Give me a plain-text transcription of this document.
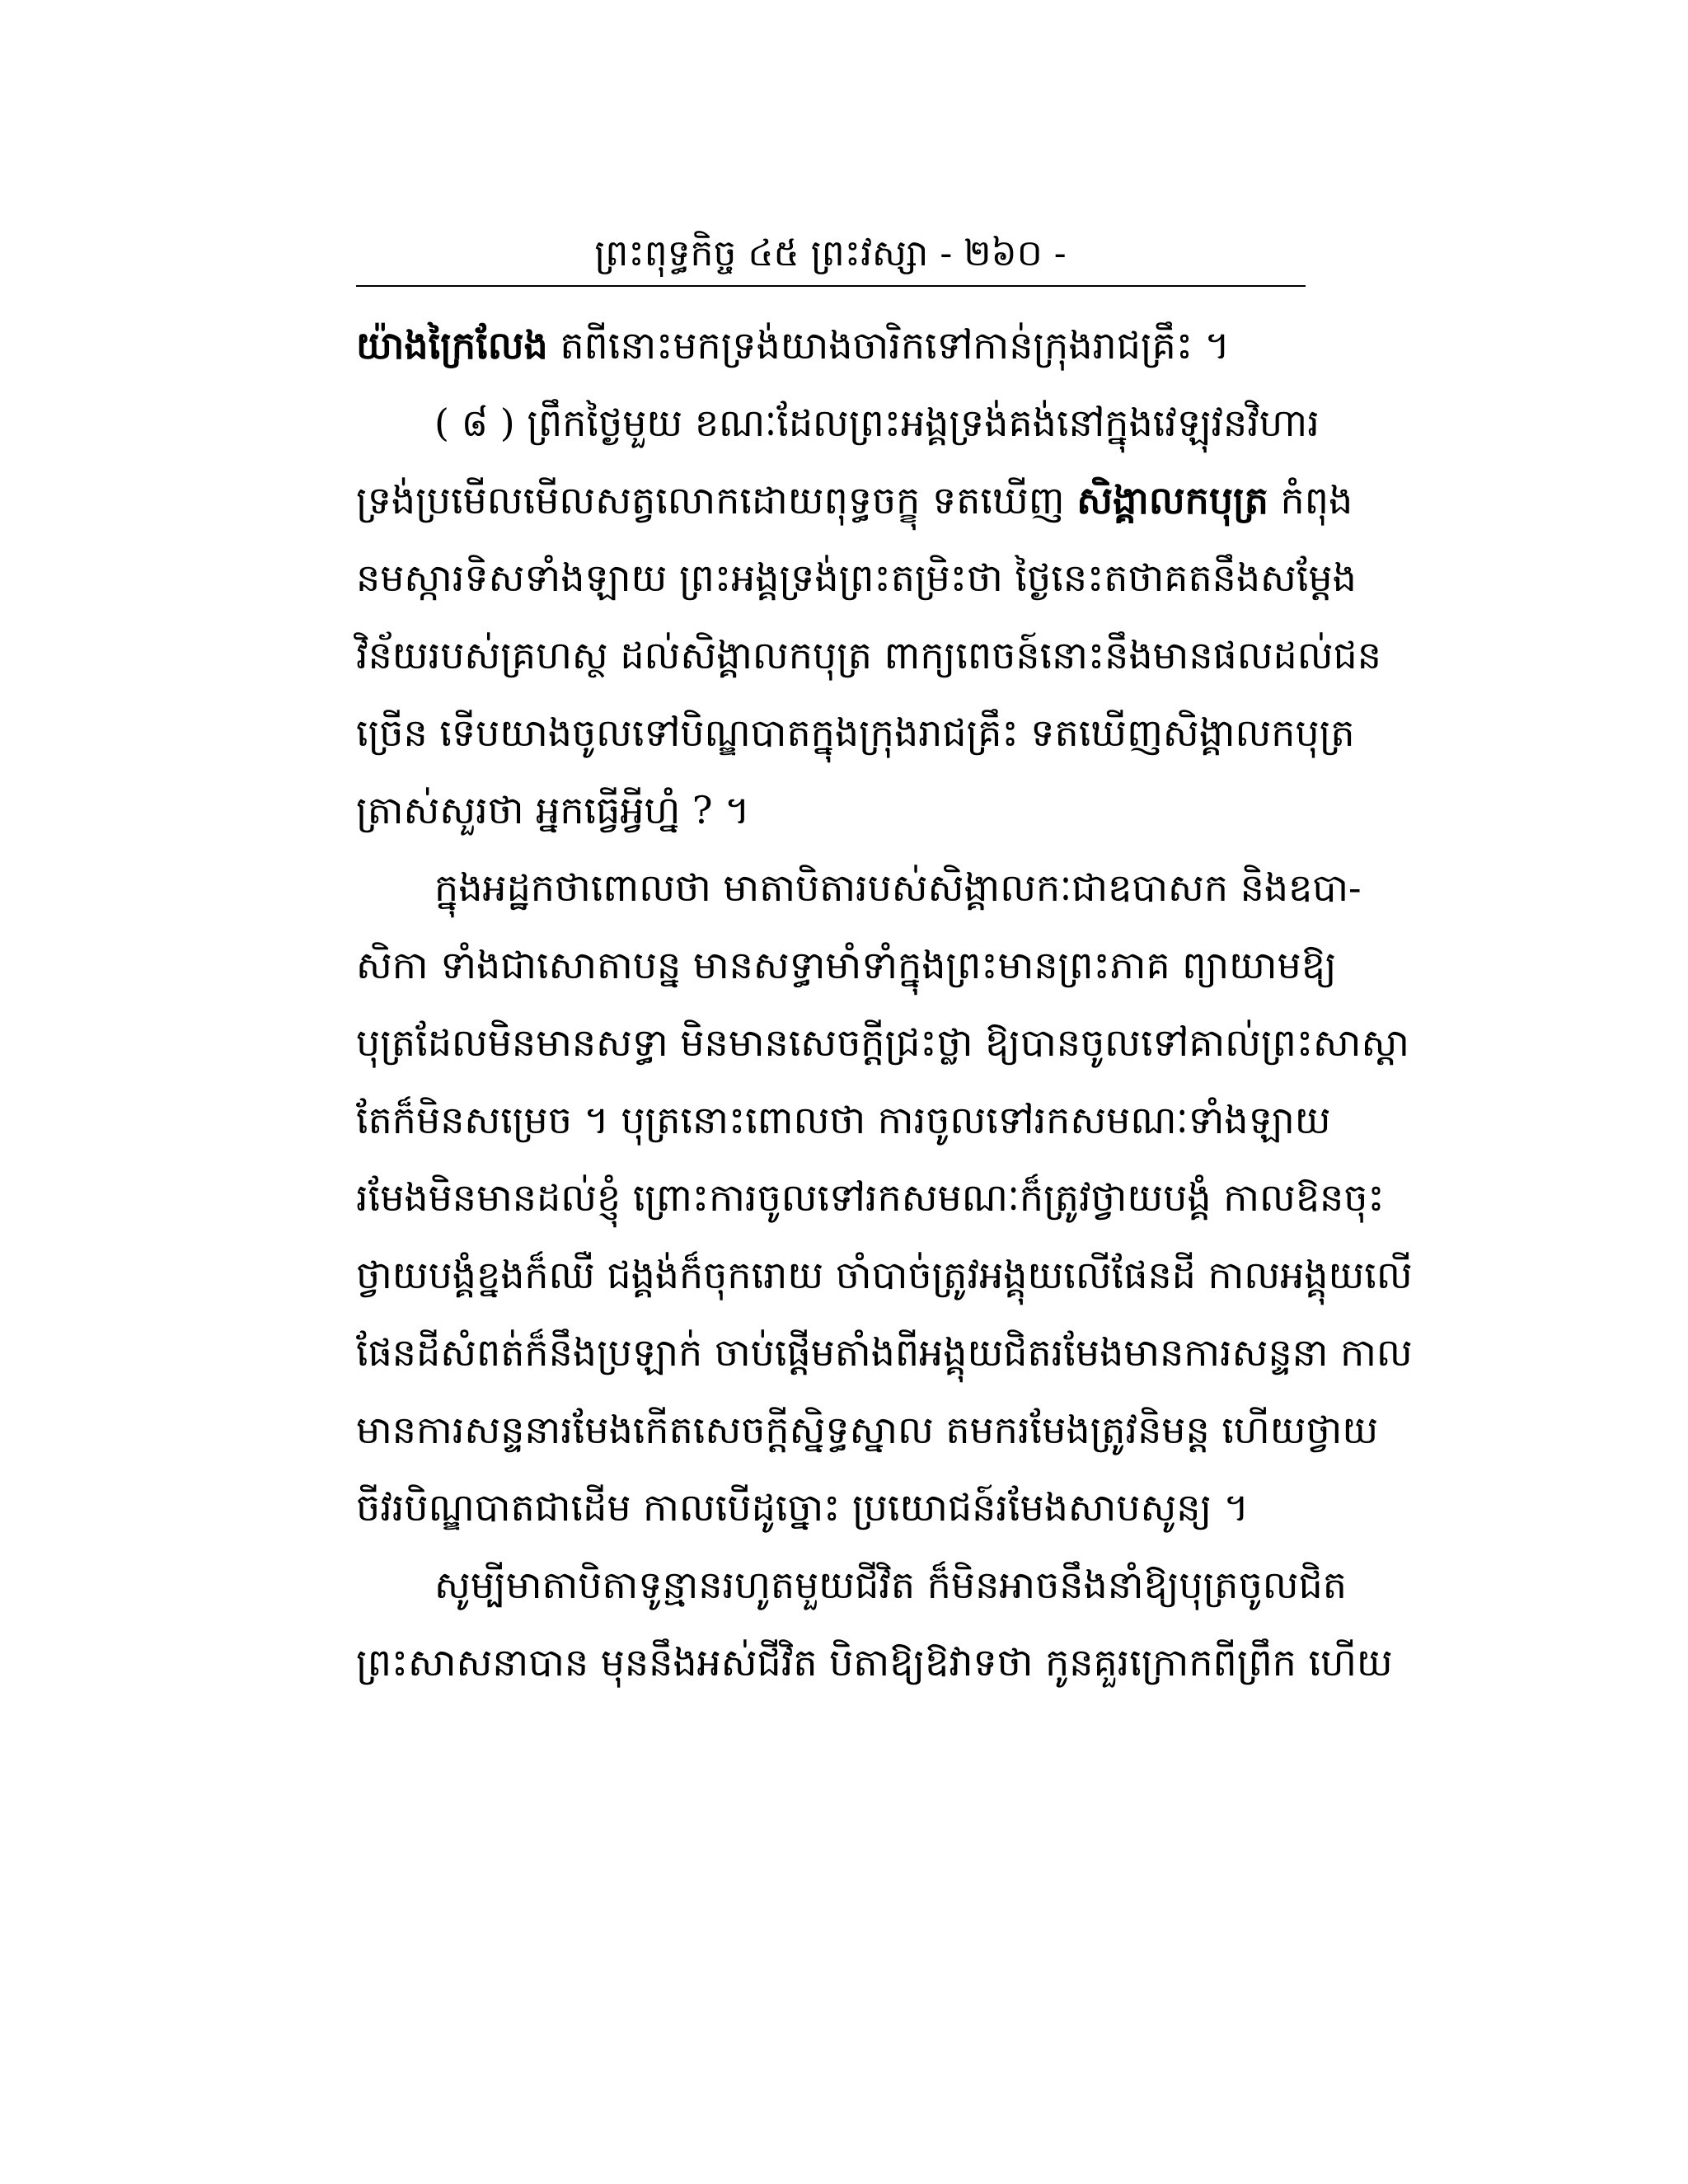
ព្រះពុទ្ធកិច្ច ៤៥ ព្រះវស្សា - ២៦០ -
យ៉ាងក្រៃលែង តពីនោះមកទ្រង់យាងចារិកទៅកាន់ក្រុងរាជគ្រឹះ ។
( ៨ ) ព្រឹកថ្ងៃមួយ ខណៈដែលព្រះអង្គទ្រង់គង់នៅក្នុងវេឡុវនវិហារ
ទ្រង់ប្រមើលមើលសត្វលោកដោយពុទ្ធចក្ខុ ទតឃើញ សិង្គាលកបុត្រ កំពុង
នមស្ការទិសទាំងឡាយ ព្រះអង្គទ្រង់ព្រះតម្រិះថា ថ្ងៃនេះតថាគតនឹងសម្តែង
វិន័យរបស់គ្រហស្ថ ដល់សិង្គាលកបុត្រ ពាក្យពេចន៍នោះនឹងមានផលដល់ជន
ច្រើន ទើបយាងចូលទៅបិណ្ឌបាតក្នុងក្រុងរាជគ្រឹះ ទតឃើញសិង្គាលកបុត្រ
ត្រាស់សួរថា អ្នកធ្វើអ្វីហ្នំ ? ។
ក្នុងអដ្ឋកថាពោលថា មាតាបិតារបស់សិង្គាលកៈជាឧបាសក និងឧបា-
សិកា ទាំងជាសោតាបន្ន មានសទ្ធាមាំទាំក្នុងព្រះមានព្រះភាគ ព្យាយាមឱ្យ
បុត្រដែលមិនមានសទ្ធា មិនមានសេចក្តីជ្រះថ្លា ឱ្យបានចូលទៅគាល់ព្រះសាស្តា
តែក៏មិនសម្រេច ។ បុត្រនោះពោលថា ការចូលទៅរកសមណៈទាំងឡាយ
រមែងមិនមានដល់ខ្ញុំ ព្រោះការចូលទៅរកសមណៈក៏ត្រូវថ្វាយបង្គំ កាលឱនចុះ
ថ្វាយបង្គំខ្នងក៏ឈឺ ជង្គង់ក៏ចុករោយ ចាំបាច់ត្រូវអង្គុយលើផែនដី កាលអង្គុយលើ
ផែនដីសំពត់ក៏នឹងប្រឡាក់ ចាប់ផ្តើមតាំងពីអង្គុយជិតរមែងមានការសន្ទនា កាល
មានការសន្ទនារមែងកើតសេចក្តីស្និទ្ធស្នាល តមករមែងត្រូវនិមន្ត ហើយថ្វាយ
ចីវរបិណ្ឌបាតជាដើម កាលបើដូច្នោះ ប្រយោជន៍រមែងសាបសូន្យ ។
សូម្បីមាតាបិតាទូន្មានរហូតមួយជីវិត ក៏មិនអាចនឹងនាំឱ្យបុត្រចូលជិត
ព្រះសាសនាបាន មុននឹងអស់ជីវិត បិតាឱ្យឱវាទថា កូនគួរក្រោកពីព្រឹក ហើយ
